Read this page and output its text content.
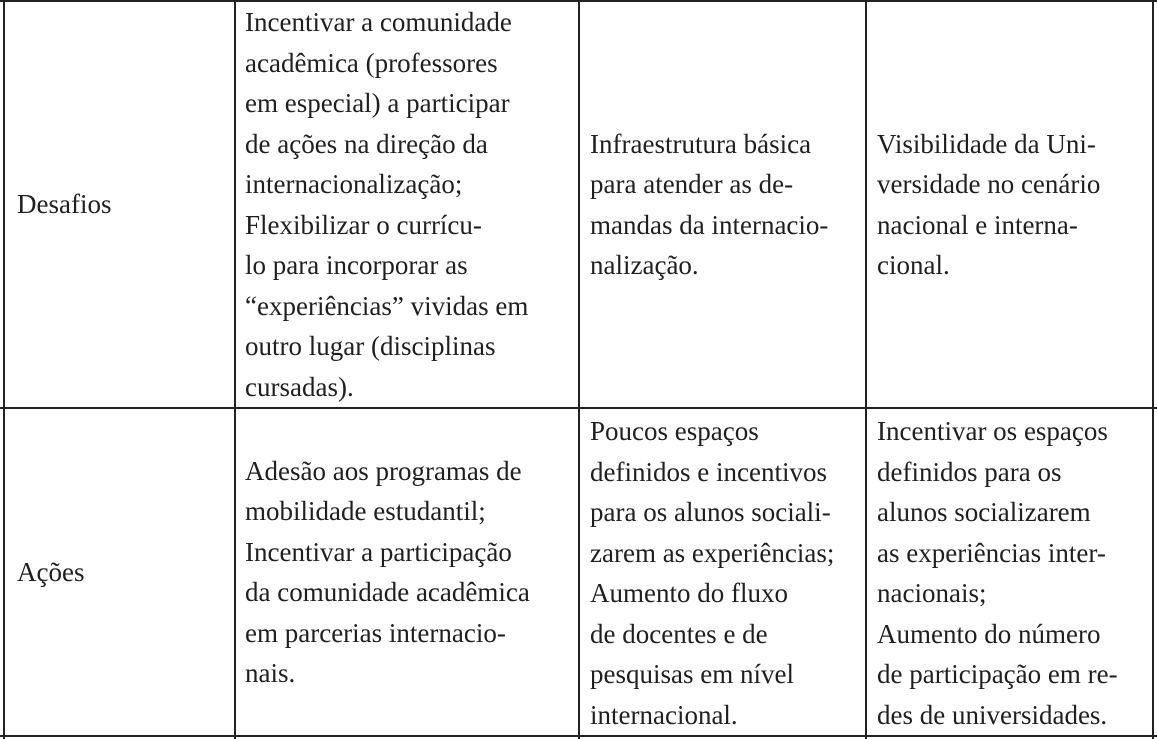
Desafios
Incentivar a comunidade
acadêmica (professores
em especial) a participar
de ações na direção da
internacionalização;
Flexibilizar o currícu-
lo para incorporar as
“experiências” vividas em
outro lugar (disciplinas
cursadas).
Infraestrutura básica
para atender as de-
mandas da internacio-
nalização.
Visibilidade da Uni-
versidade no cenário
nacional e interna-
cional.
Ações
Adesão aos programas de
mobilidade estudantil;
Incentivar a participação
da comunidade acadêmica
em parcerias internacio-
nais.
Poucos espaços
definidos e incentivos
para os alunos sociali-
zarem as experiências;
Aumento do fluxo
de docentes e de
pesquisas em nível
internacional.
Incentivar os espaços
definidos para os
alunos socializarem
as experiências inter-
nacionais;
Aumento do número
de participação em re-
des de universidades.
